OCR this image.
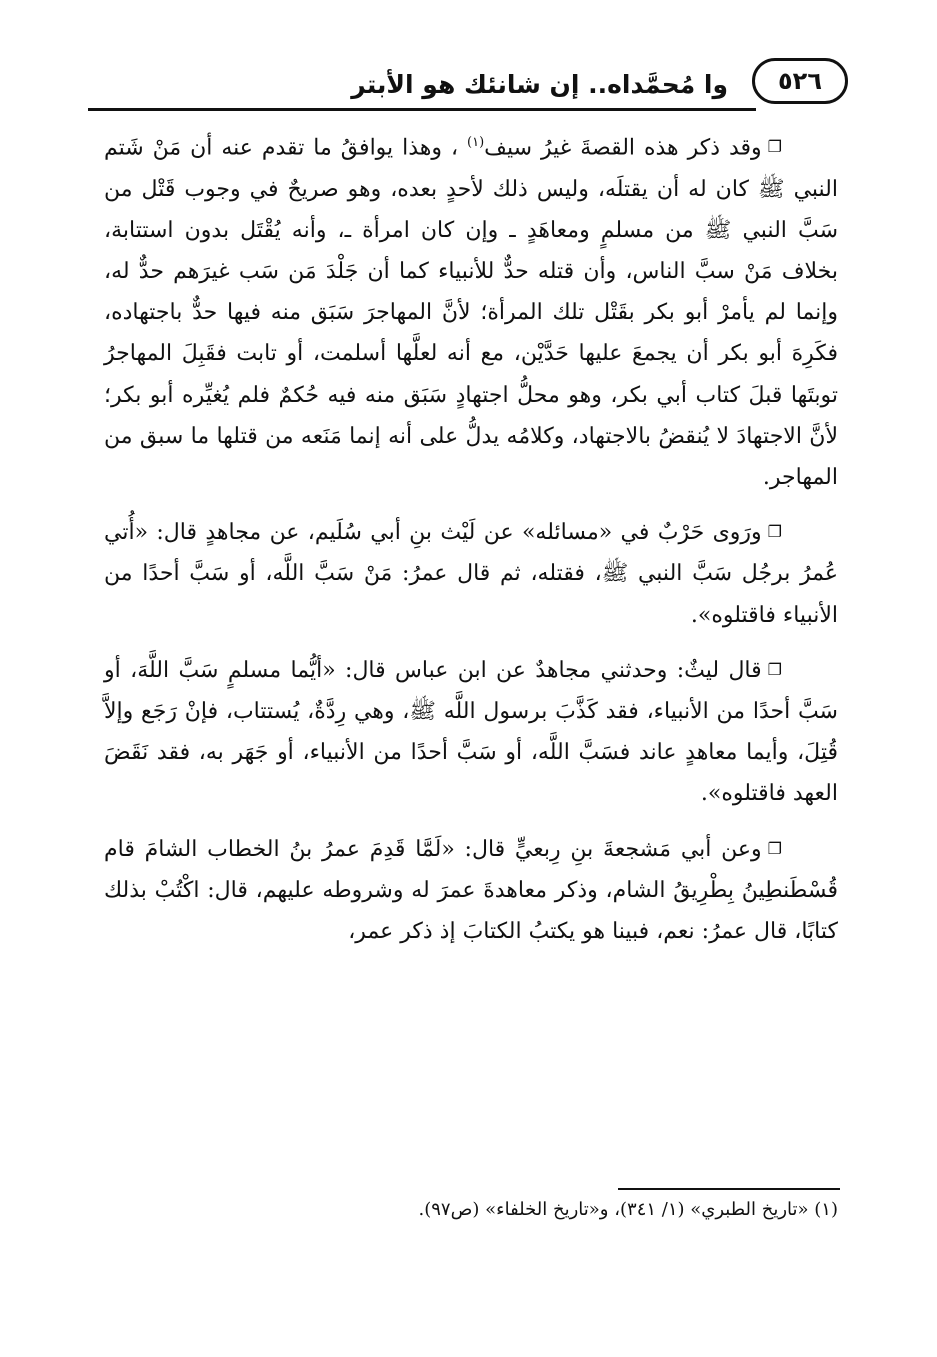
وا مُحمَّداه.. إن شانئك هو الأبتر	٥٢٦

❐وقد ذكر هذه القصةَ غيرُ سيف$^{(١)}$ ، وهذا يوافقُ ما تقدم عنه أن مَنْ شَتم النبي ﷺ كان له أن يقتلَه، وليس ذلك لأحدٍ بعده، وهو صريحٌ في وجوب قَتْل من سَبَّ النبي ﷺ من مسلمٍ ومعاهَدٍ ـ وإن كان امرأة ـ، وأنه يُقْتَل بدون استتابة، بخلاف مَنْ سبَّ الناس، وأن قتله حدٌّ للأنبياء كما أن جَلْدَ مَن سَب غيرَهم حدٌّ له، وإنما لم يأمرْ أبو بكر بقَتْل تلك المرأة؛ لأنَّ المهاجرَ سَبَق منه فيها حدٌّ باجتهاده، فكَرِهَ أبو بكر أن يجمعَ عليها حَدَّيْن، مع أنه لعلَّها أسلمت، أو تابت فقَبِلَ المهاجرُ توبتَها قبلَ كتاب أبي بكر، وهو محلُّ اجتهادٍ سَبَق منه فيه حُكمٌ فلم يُغيِّره أبو بكر؛ لأنَّ الاجتهادَ لا يُنقضُ بالاجتهاد، وكلامُه يدلُّ على أنه إنما مَنَعه من قتلها ما سبق من المهاجر.

❐ورَوى حَرْبٌ في «مسائله» عن لَيْث بنِ أبي سُلَيم، عن مجاهدٍ قال: «أُتي عُمرُ برجُل سَبَّ النبي ﷺ، فقتله، ثم قال عمرُ: مَنْ سَبَّ اللَّه، أو سَبَّ أحدًا من الأنبياء فاقتلوه».

❐قال ليثٌ: وحدثني مجاهدٌ عن ابن عباس قال: «أيُّما مسلمٍ سَبَّ اللَّهَ، أو سَبَّ أحدًا من الأنبياء، فقد كَذَّبَ برسول اللَّه ﷺ، وهي رِدَّةٌ، يُستتاب، فإنْ رَجَع وإلاَّ قُتِلَ، وأيما معاهدٍ عاند فسَبَّ اللَّه، أو سَبَّ أحدًا من الأنبياء، أو جَهَر به، فقد نَقَضَ العهد فاقتلوه».

❐وعن أبي مَشجعةَ بنِ رِبعيٍّ قال: «لَمَّا قَدِمَ عمرُ بنُ الخطاب الشامَ قام قُسْطَنطِينُ بِطْرِيقُ الشام، وذكر معاهدةَ عمرَ له وشروطه عليهم، قال: اكْتُبْ بذلك كتابًا، قال عمرُ: نعم، فبينا هو يكتبُ الكتابَ إذ ذكر عمر،

(١) «تاريخ الطبري» (١/ ٣٤١)، و«تاريخ الخلفاء» (ص٩٧).
